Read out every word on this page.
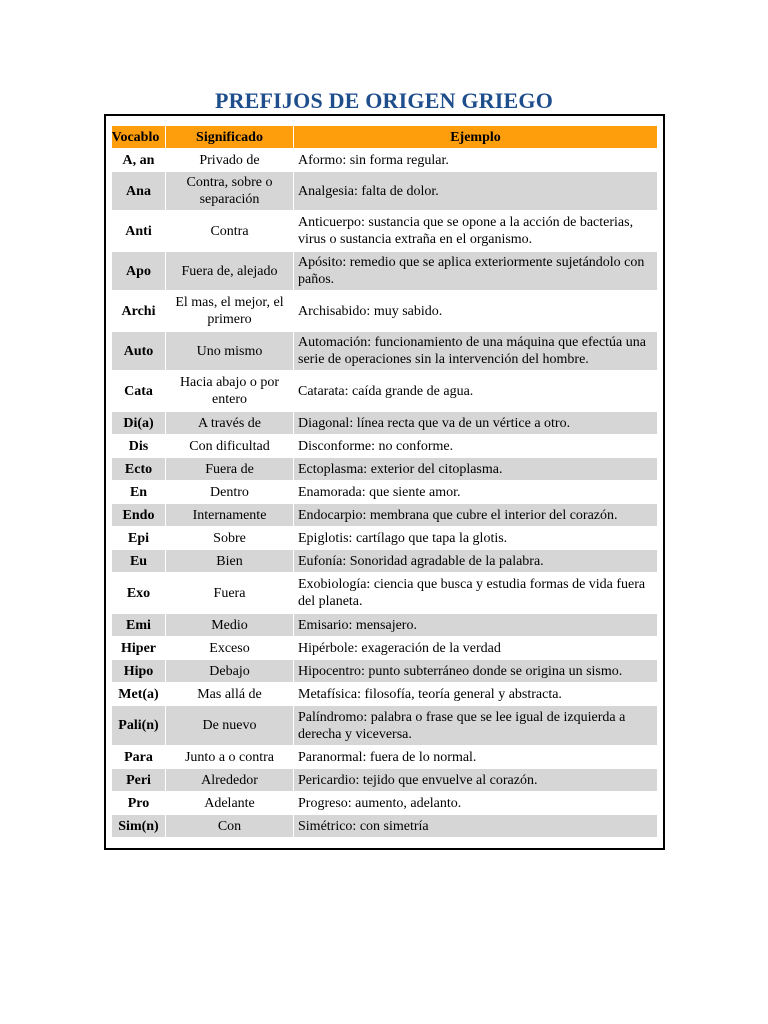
PREFIJOS DE ORIGEN GRIEGO
Vocablo	Significado	Ejemplo
A, an	Privado de	Aformo: sin forma regular.
Ana	Contra, sobre o separación	Analgesia: falta de dolor.
Anti	Contra	Anticuerpo: sustancia que se opone a la acción de bacterias, virus o sustancia extraña en el organismo.
Apo	Fuera de, alejado	Apósito: remedio que se aplica exteriormente sujetándolo con paños.
Archi	El mas, el mejor, el primero	Archisabido: muy sabido.
Auto	Uno mismo	Automación: funcionamiento de una máquina que efectúa una serie de operaciones sin la intervención del hombre.
Cata	Hacia abajo o por entero	Catarata: caída grande de agua.
Di(a)	A través de	Diagonal: línea recta que va de un vértice a otro.
Dis	Con dificultad	Disconforme: no conforme.
Ecto	Fuera de	Ectoplasma: exterior del citoplasma.
En	Dentro	Enamorada: que siente amor.
Endo	Internamente	Endocarpio: membrana que cubre el interior del corazón.
Epi	Sobre	Epiglotis: cartílago que tapa la glotis.
Eu	Bien	Eufonía: Sonoridad agradable de la palabra.
Exo	Fuera	Exobiología: ciencia que busca y estudia formas de vida fuera del planeta.
Emi	Medio	Emisario: mensajero.
Hiper	Exceso	Hipérbole: exageración de la verdad
Hipo	Debajo	Hipocentro: punto subterráneo donde se origina un sismo.
Met(a)	Mas allá de	Metafísica: filosofía, teoría general y abstracta.
Pali(n)	De nuevo	Palíndromo: palabra o frase que se lee igual de izquierda a derecha y viceversa.
Para	Junto a o contra	Paranormal: fuera de lo normal.
Peri	Alrededor	Pericardio: tejido que envuelve al corazón.
Pro	Adelante	Progreso: aumento, adelanto.
Sim(n)	Con	Simétrico: con simetría
